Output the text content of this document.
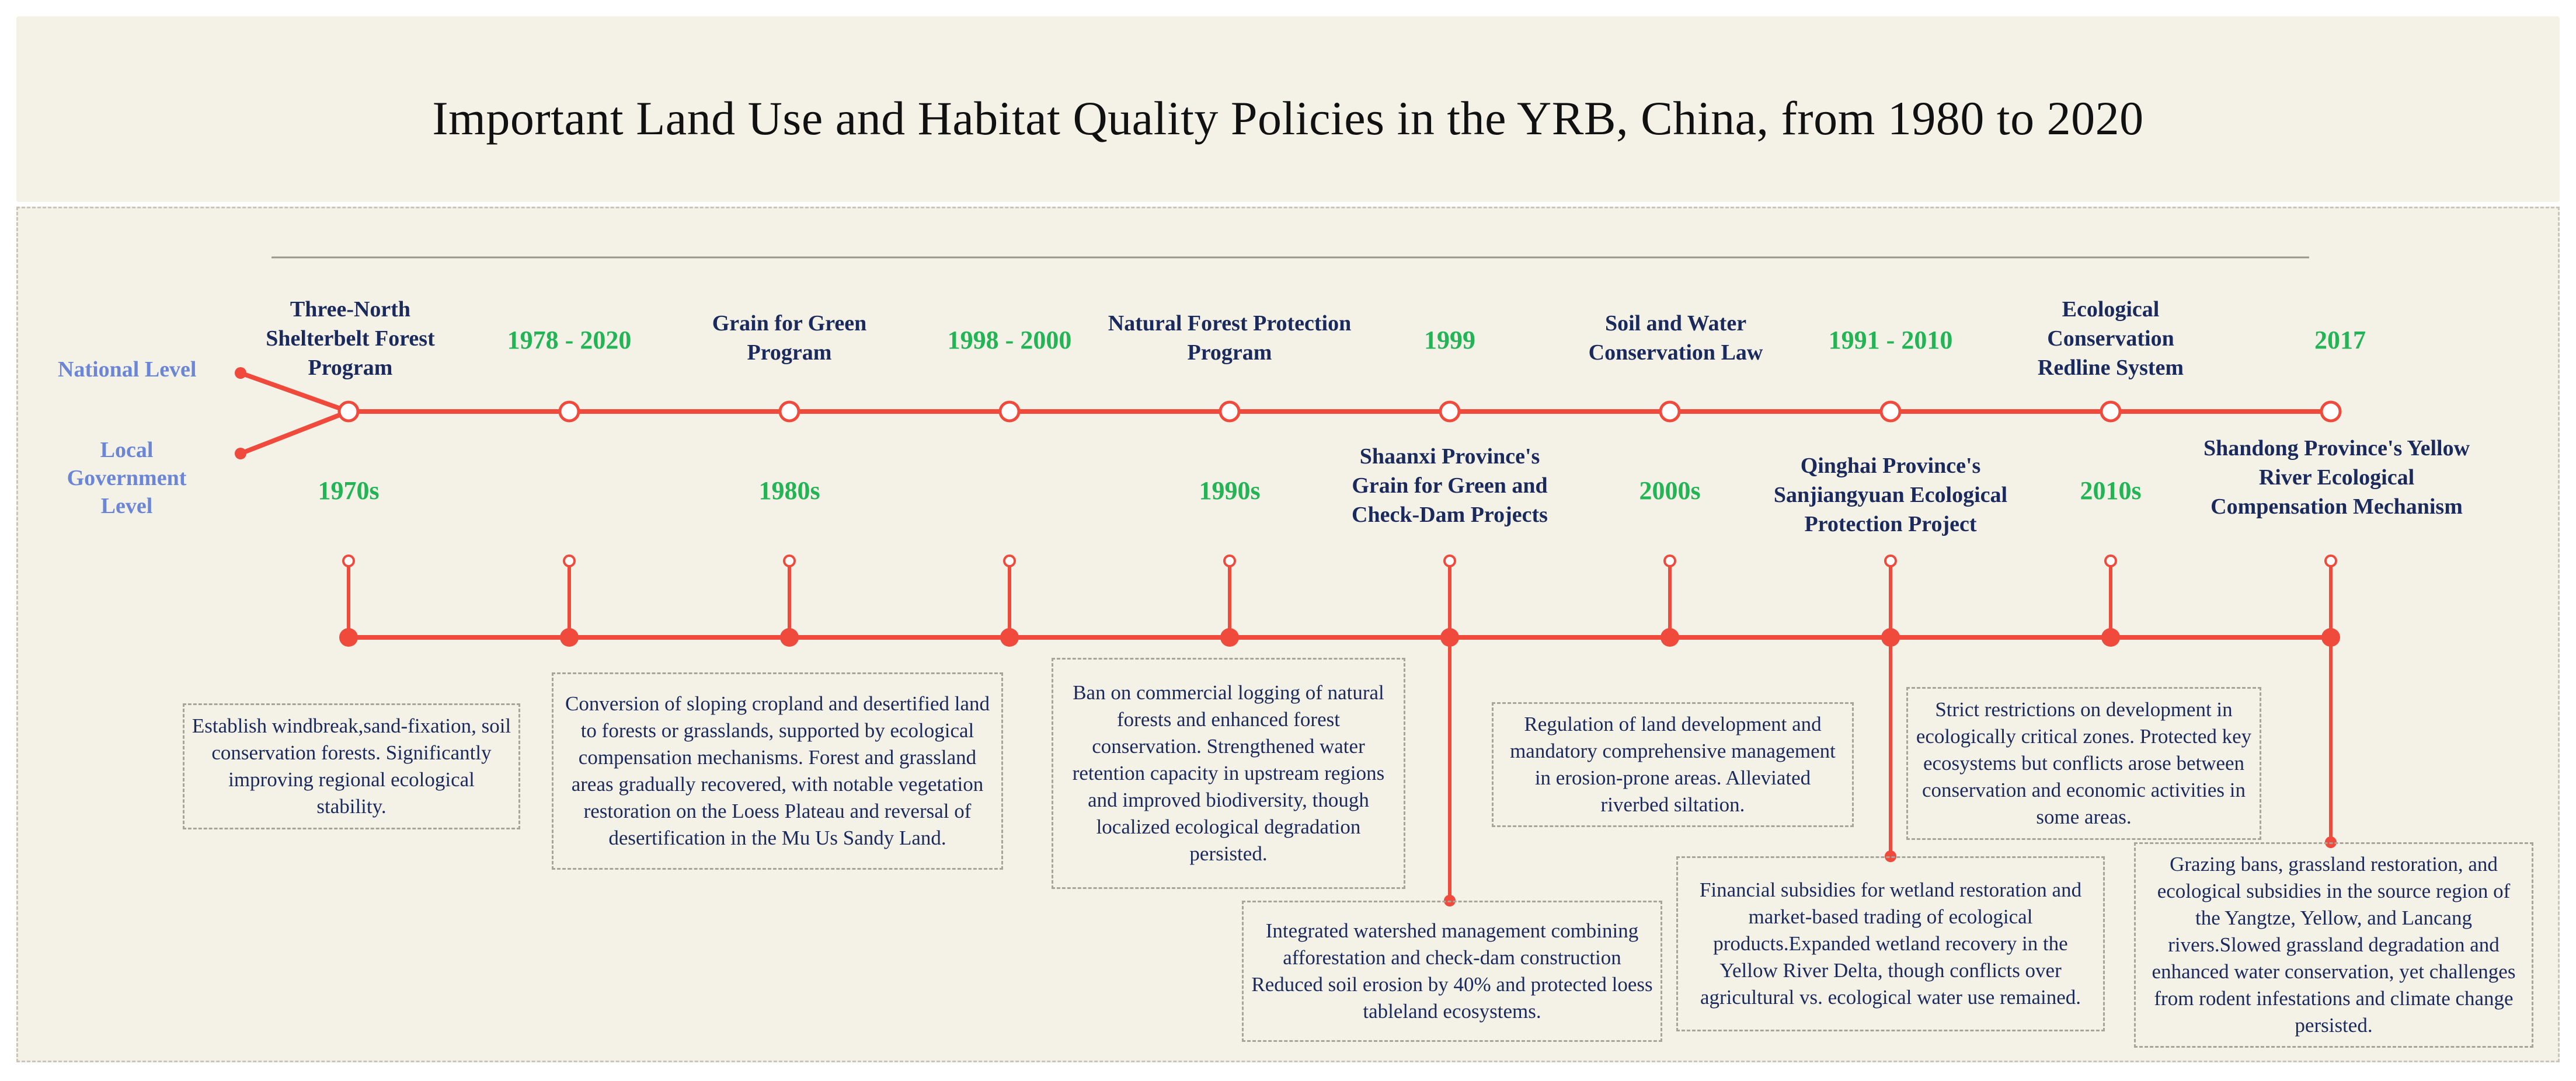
Important Land Use and Habitat Quality Policies in the YRB, China, from 1980 to 2020
National Level
Local Government Level
Three-North Shelterbelt Forest Program
1978 - 2020
Grain for Green Program	1998 - 2000
Natural Forest Protection Program	1999
Soil and Water Conservation Law	1991 - 2010
Ecological Conservation Redline System
2017
1970s	1980s	1990s	2000s	2010s
Shaanxi Province's Grain for Green and Check-Dam Projects
Qinghai Province's Sanjiangyuan Ecological Protection Project
Shandong Province's Yellow River Ecological Compensation Mechanism
Establish windbreak,sand-fixation, soil conservation forests. Significantly improving regional ecological stability.
Conversion of sloping cropland and desertified land to forests or grasslands, supported by ecological compensation mechanisms. Forest and grassland areas gradually recovered, with notable vegetation restoration on the Loess Plateau and reversal of desertification in the Mu Us Sandy Land.
Ban on commercial logging of natural forests and enhanced forest conservation. Strengthened water retention capacity in upstream regions and improved biodiversity, though localized ecological degradation persisted.
Integrated watershed management combining afforestation and check-dam construction Reduced soil erosion by 40% and protected loess tableland ecosystems.
Regulation of land development and mandatory comprehensive management in erosion-prone areas. Alleviated riverbed siltation.
Financial subsidies for wetland restoration and market-based trading of ecological products.Expanded wetland recovery in the Yellow River Delta, though conflicts over agricultural vs. ecological water use remained.
Strict restrictions on development in ecologically critical zones. Protected key ecosystems but conflicts arose between conservation and economic activities in some areas.
Grazing bans, grassland restoration, and ecological subsidies in the source region of the Yangtze, Yellow, and Lancang rivers.Slowed grassland degradation and enhanced water conservation, yet challenges from rodent infestations and climate change persisted.
